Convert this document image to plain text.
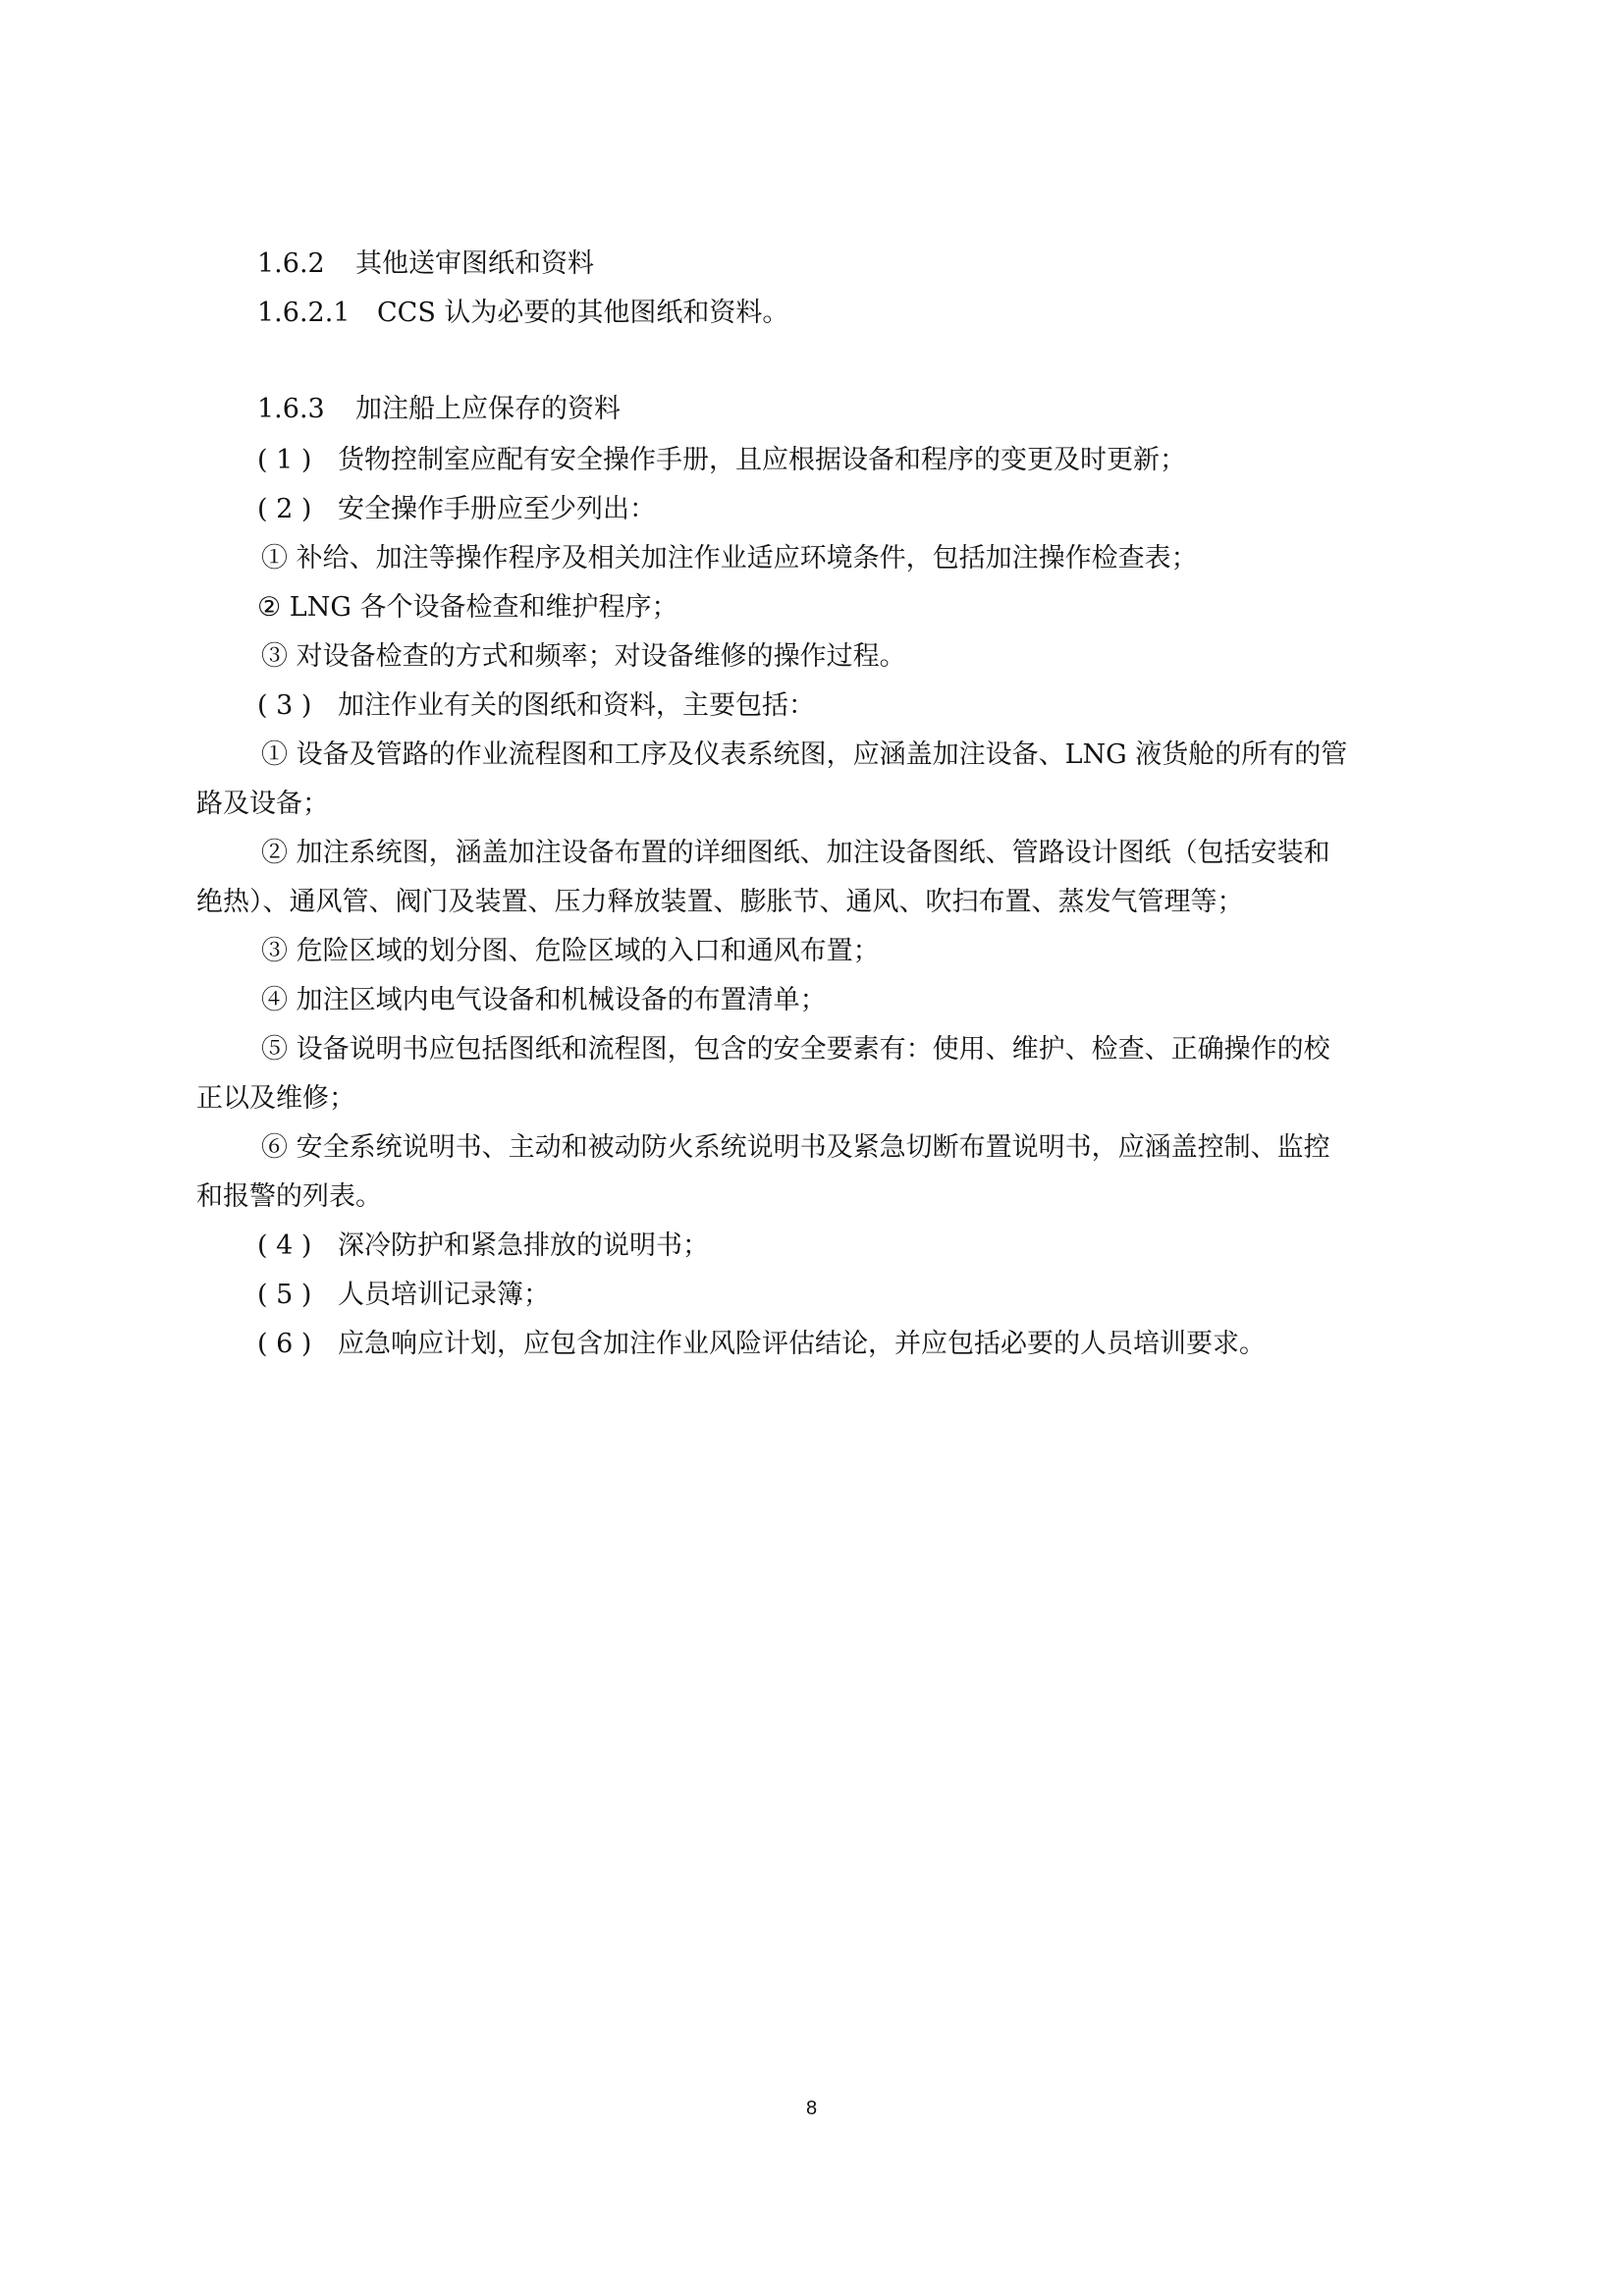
1.6.2 其他送审图纸和资料
1.6.2.1 CCS 认为必要的其他图纸和资料。
1.6.3 加注船上应保存的资料
( 1 ) 货物控制室应配有安全操作手册，且应根据设备和程序的变更及时更新；
( 2 ) 安全操作手册应至少列出：
① 补给、加注等操作程序及相关加注作业适应环境条件，包括加注操作检查表；
② LNG 各个设备检查和维护程序；
③ 对设备检查的方式和频率；对设备维修的操作过程。
( 3 ) 加注作业有关的图纸和资料，主要包括：
① 设备及管路的作业流程图和工序及仪表系统图，应涵盖加注设备、LNG 液货舱的所有的管
路及设备；
② 加注系统图，涵盖加注设备布置的详细图纸、加注设备图纸、管路设计图纸（包括安装和
绝热）、通风管、阀门及装置、压力释放装置、膨胀节、通风、吹扫布置、蒸发气管理等；
③ 危险区域的划分图、危险区域的入口和通风布置；
④ 加注区域内电气设备和机械设备的布置清单；
⑤ 设备说明书应包括图纸和流程图，包含的安全要素有：使用、维护、检查、正确操作的校
正以及维修；
⑥ 安全系统说明书、主动和被动防火系统说明书及紧急切断布置说明书，应涵盖控制、监控
和报警的列表。
( 4 ) 深冷防护和紧急排放的说明书；
( 5 ) 人员培训记录簿；
( 6 ) 应急响应计划，应包含加注作业风险评估结论，并应包括必要的人员培训要求。
8
